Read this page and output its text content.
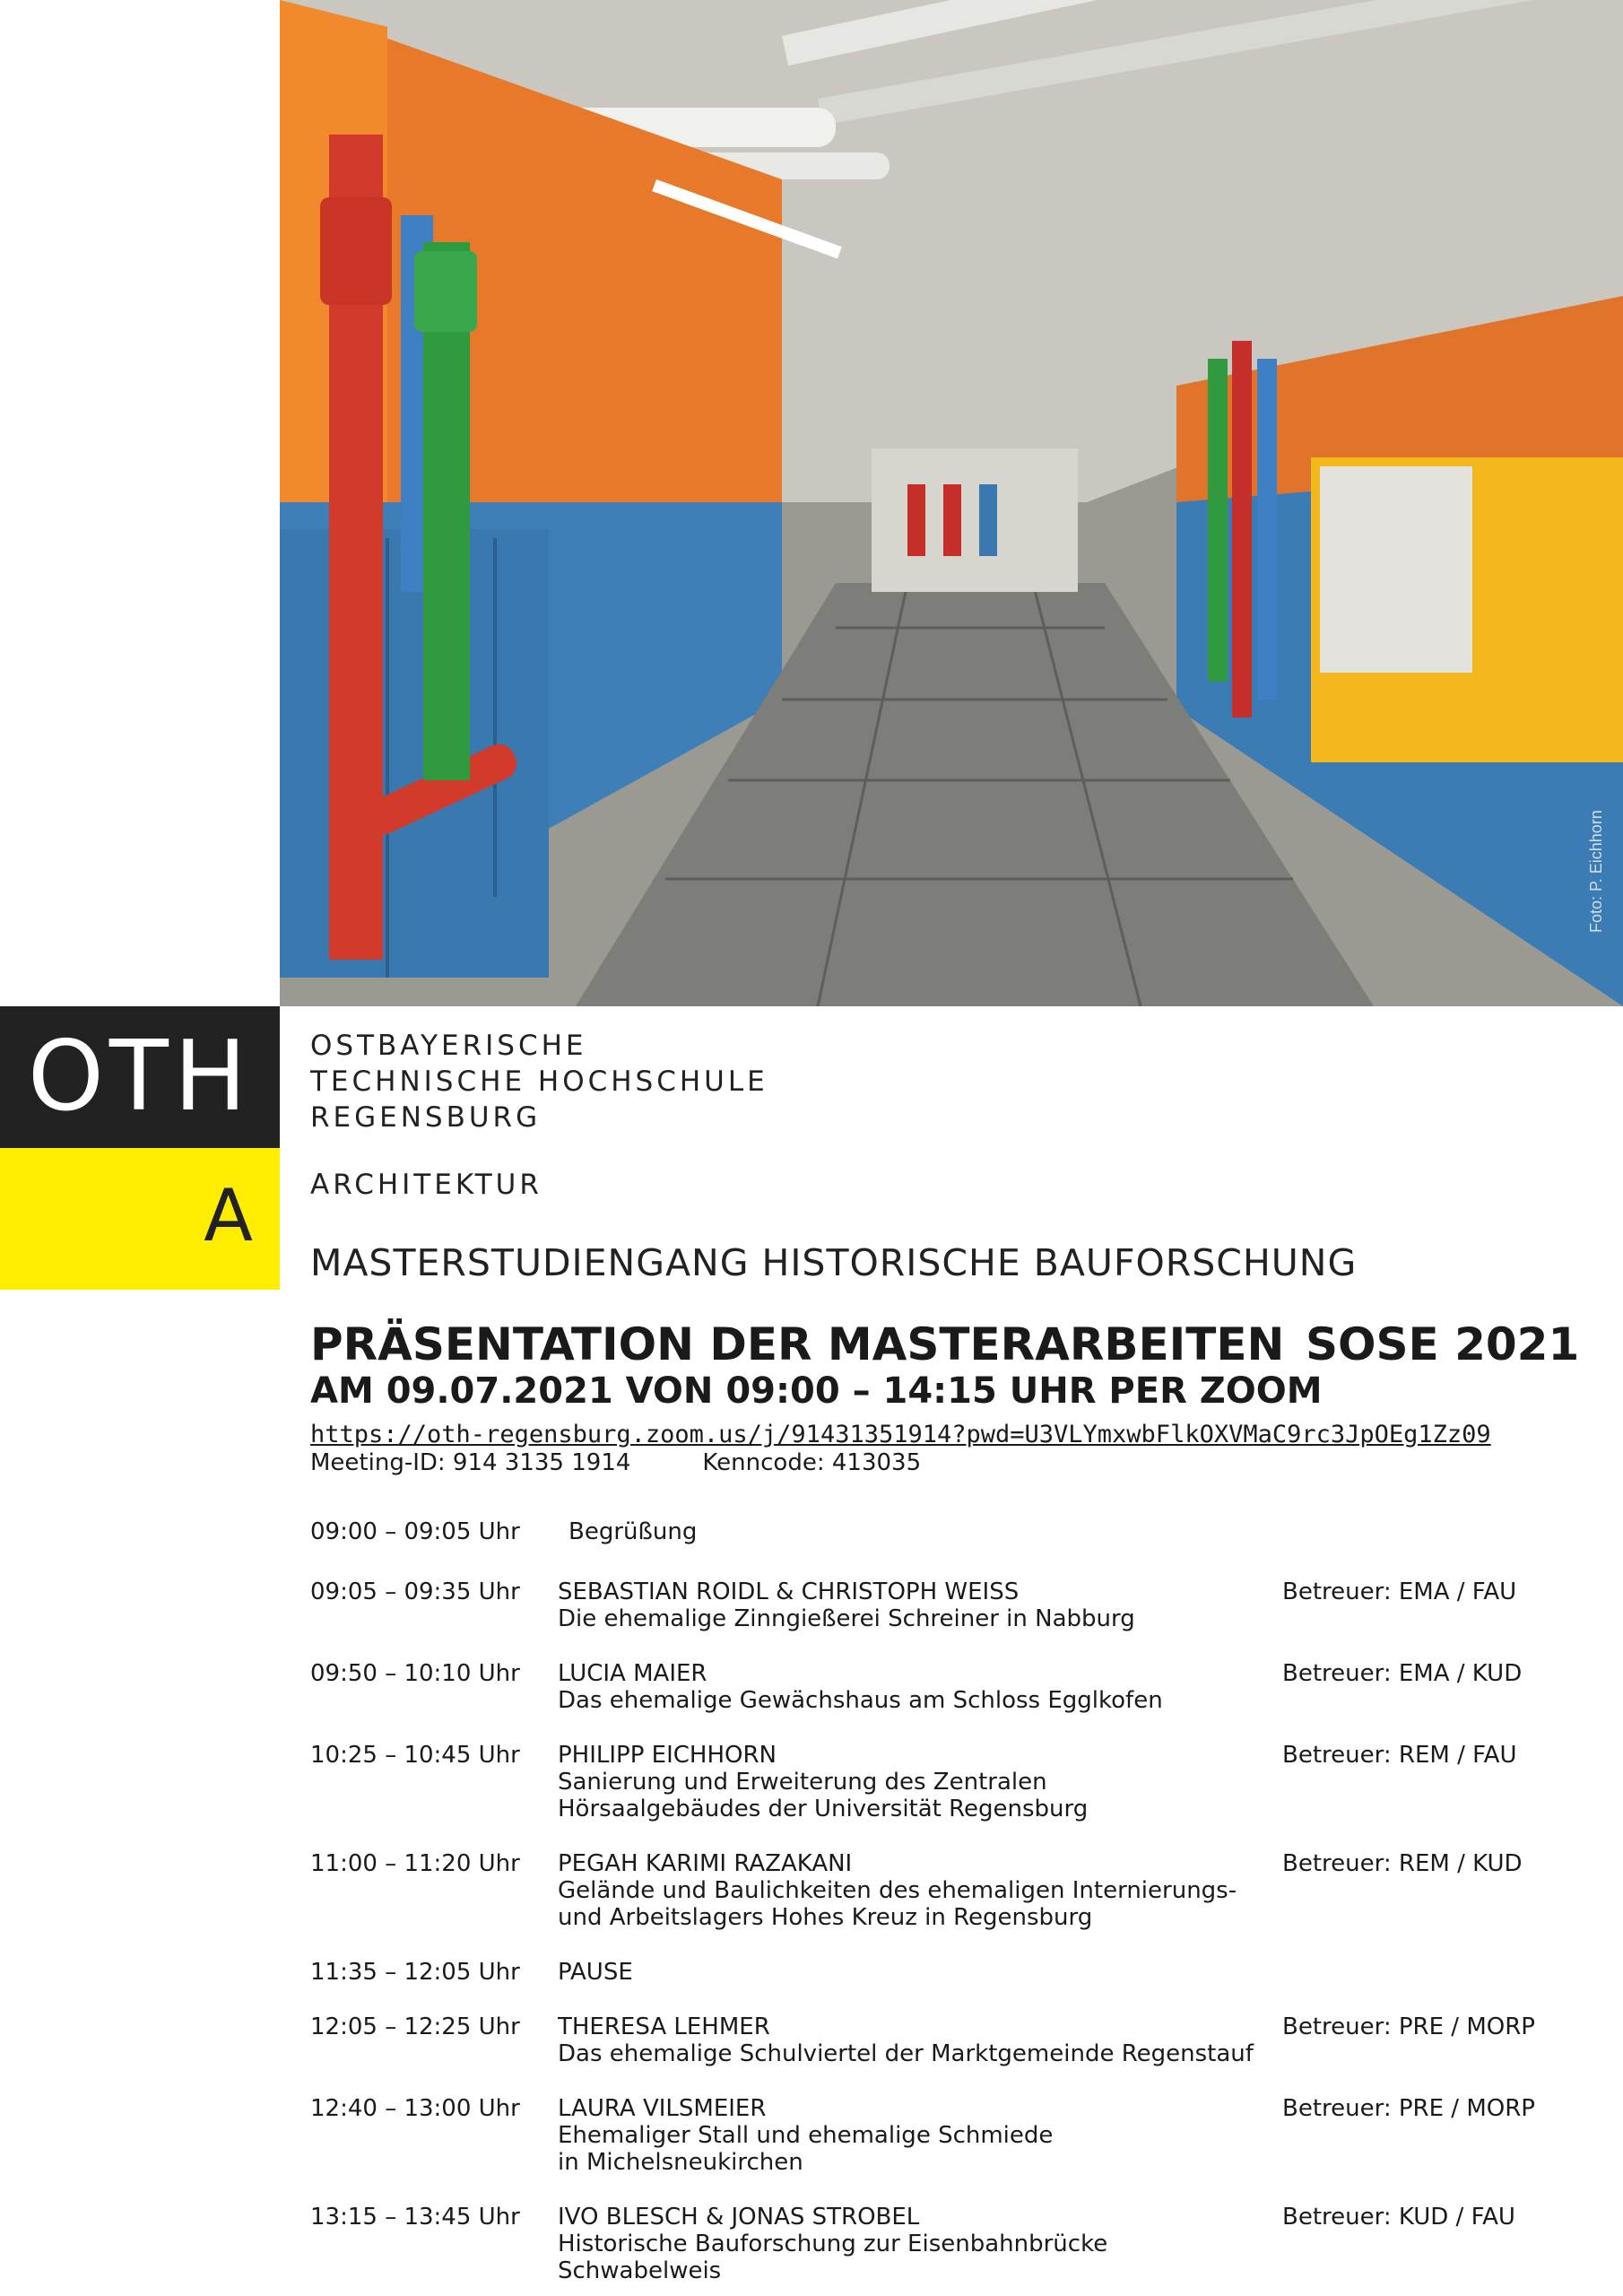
Foto: P. Eichhorn
OTH
A
OSTBAYERISCHE
TECHNISCHE HOCHSCHULE
REGENSBURG
ARCHITEKTUR
MASTERSTUDIENGANG HISTORISCHE BAUFORSCHUNG
PRÄSENTATION DER MASTERARBEITEN SOSE 2021
AM 09.07.2021 VON 09:00 – 14:15 UHR PER ZOOM
https://oth-regensburg.zoom.us/j/91431351914?pwd=U3VLYmxwbFlkOXVMaC9rc3JpOEg1Zz09
Meeting-ID: 914 3135 1914	Kenncode: 413035
09:00 – 09:05 Uhr Begrüßung
09:05 – 09:35 Uhr SEBASTIAN ROIDL & CHRISTOPH WEISS
Die ehemalige Zinngießerei Schreiner in Nabburg
Betreuer: EMA / FAU
09:50 – 10:10 Uhr LUCIA MAIER
Das ehemalige Gewächshaus am Schloss Egglkofen
Betreuer: EMA / KUD
10:25 – 10:45 Uhr PHILIPP EICHHORN
Sanierung und Erweiterung des Zentralen
Hörsaalgebäudes der Universität Regensburg
Betreuer: REM / FAU
11:00 – 11:20 Uhr PEGAH KARIMI RAZAKANI
Gelände und Baulichkeiten des ehemaligen Internierungs-
und Arbeitslagers Hohes Kreuz in Regensburg
Betreuer: REM / KUD
11:35 – 12:05 Uhr PAUSE
12:05 – 12:25 Uhr THERESA LEHMER
Das ehemalige Schulviertel der Marktgemeinde Regenstauf
Betreuer: PRE / MORP
12:40 – 13:00 Uhr LAURA VILSMEIER
Ehemaliger Stall und ehemalige Schmiede
in Michelsneukirchen
Betreuer: PRE / MORP
13:15 – 13:45 Uhr IVO BLESCH & JONAS STROBEL
Historische Bauforschung zur Eisenbahnbrücke
Schwabelweis
Betreuer: KUD / FAU
